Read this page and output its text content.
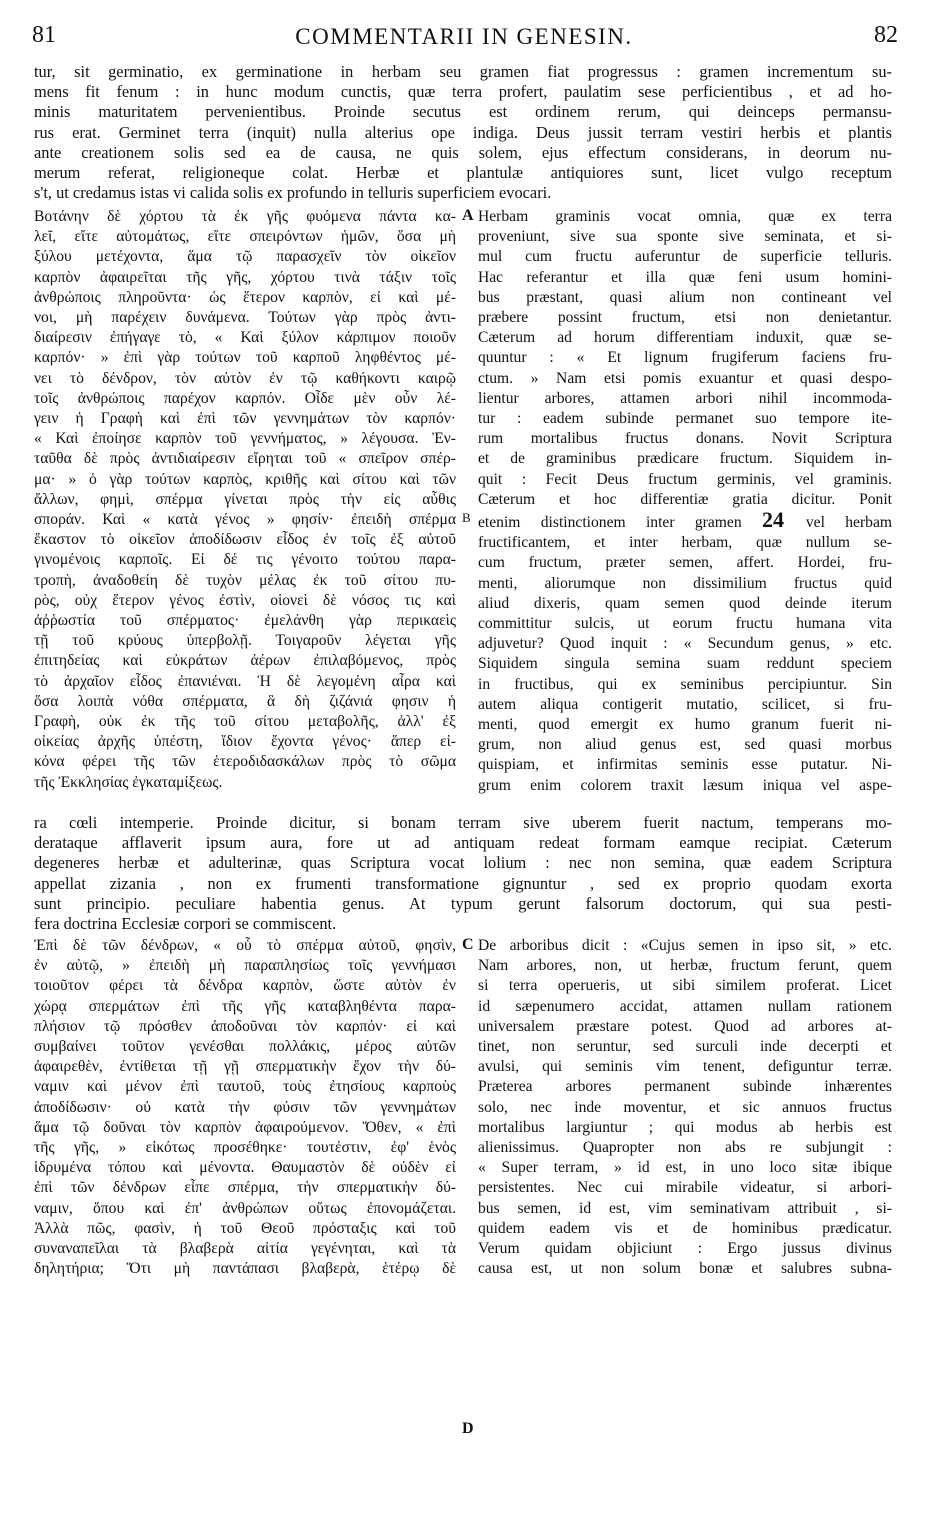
81	COMMENTARII IN GENESIN.	82

tur, sit germinatio, ex germinatione in herbam seu gramen fiat progressus : gramen incrementum su-

mens fit fenum : in hunc modum cunctis, quæ terra profert, paulatim sese perficientibus , et ad ho-

minis maturitatem pervenientibus. Proinde secutus est ordinem rerum, qui deinceps permansu-

rus erat. Germinet terra (inquit) nulla alterius ope indiga. Deus jussit terram vestiri herbis et plantis

ante creationem solis sed ea de causa, ne quis solem, ejus effectum considerans, in deorum nu-

merum referat, religioneque colat. Herbæ et plantulæ antiquiores sunt, licet vulgo receptum

s't, ut credamus istas vi calida solis ex profundo in telluris superficiem evocari.

Βοτάνην δὲ χόρτου τὰ ἐκ γῆς φυόμενα πάντα κα-

λεῖ, εἴτε αὐτομάτως, εἴτε σπειρόντων ἡμῶν, ὅσα μὴ

ξύλου μετέχοντα, ἅμα τῷ παρασχεῖν τὸν οἰκεῖον

καρπὸν ἀφαιρεῖται τῆς γῆς, χόρτου τινὰ τάξιν τοῖς

ἀνθρώποις πληροῦντα· ὡς ἕτερον καρπὸν, εἰ καὶ μέ-

νοι, μὴ παρέχειν δυνάμενα. Τούτων γὰρ πρὸς ἀντι-

διαίρεσιν ἐπήγαγε τὸ, « Καὶ ξύλον κάρπιμον ποιοῦν

καρπόν· » ἐπὶ γὰρ τούτων τοῦ καρποῦ ληφθέντος μέ-

νει τὸ δένδρον, τὸν αὐτὸν ἐν τῷ καθήκοντι καιρῷ

τοῖς ἀνθρώποις παρέχον καρπόν. Οἶδε μὲν οὖν λέ-

γειν ἡ Γραφὴ καὶ ἐπὶ τῶν γεννημάτων τὸν καρπόν·

« Καὶ ἐποίησε καρπὸν τοῦ γεννήματος, » λέγουσα. Ἐν-

ταῦθα δὲ πρὸς ἀντιδιαίρεσιν εἴρηται τοῦ « σπεῖρον σπέρ-

μα· » ὁ γὰρ τούτων καρπὸς, κριθῆς καὶ σίτου καὶ τῶν

ἄλλων, φημὶ, σπέρμα γίνεται πρὸς τὴν εἰς αὖθις

σποράν. Καὶ « κατὰ γένος » φησίν· ἐπειδὴ σπέρμα

ἕκαστον τὸ οἰκεῖον ἀποδίδωσιν εἶδος ἐν τοῖς ἐξ αὐτοῦ

γινομένοις καρποῖς. Εἰ δέ τις γένοιτο τούτου παρα-

τροπὴ, ἀναδοθείη δὲ τυχὸν μέλας ἐκ τοῦ σίτου πυ-

ρὸς, οὐχ ἕτερον γένος ἐστὶν, οἱονεὶ δὲ νόσος τις καὶ

ἀῤῥωστία τοῦ σπέρματος· ἐμελάνθη γὰρ περικαεὶς

τῇ τοῦ κρύους ὑπερβολῇ. Τοιγαροῦν λέγεται γῆς

ἐπιτηδείας καὶ εὐκράτων ἀέρων ἐπιλαβόμενος, πρὸς

τὸ ἀρχαῖον εἶδος ἐπανιέναι. Ἡ δὲ λεγομένη αἶρα καὶ

ὅσα λοιπὰ νόθα σπέρματα, ἃ δὴ ζιζάνιά φησιν ἡ

Γραφὴ, οὐκ ἐκ τῆς τοῦ σίτου μεταβολῆς, ἀλλ' ἐξ

οἰκείας ἀρχῆς ὑπέστη, ἴδιον ἔχοντα γένος· ἅπερ εἰ-

κόνα φέρει τῆς τῶν ἑτεροδιδασκάλων πρὸς τὸ σῶμα

τῆς Ἐκκλησίας ἐγκαταμίξεως.

Herbam graminis vocat omnia, quæ ex terra

proveniunt, sive sua sponte sive seminata, et si-

mul cum fructu auferuntur de superficie telluris.

Hac referantur et illa quæ feni usum homini-

bus præstant, quasi alium non contineant vel

præbere possint fructum, etsi non denietantur.

Cæterum ad horum differentiam induxit, quæ se-

quuntur : « Et lignum frugiferum faciens fru-

ctum. » Nam etsi pomis exuantur et quasi despo-

lientur arbores, attamen arbori nihil incommoda-

tur : eadem subinde permanet suo tempore ite-

rum mortalibus fructus donans. Novit Scriptura

et de graminibus prædicare fructum. Siquidem in-

quit : Fecit Deus fructum germinis, vel graminis.

Cæterum et hoc differentiæ gratia dicitur. Ponit

etenim distinctionem inter gramen 24 vel herbam

fructificantem, et inter herbam, quæ nullum se-

cum fructum, præter semen, affert. Hordei, fru-

menti, aliorumque non dissimilium fructus quid

aliud dixeris, quam semen quod deinde iterum

committitur sulcis, ut eorum fructu humana vita

adjuvetur? Quod inquit : « Secundum genus, » etc.

Siquidem singula semina suam reddunt speciem

in fructibus, qui ex seminibus percipiuntur. Sin

autem aliqua contigerit mutatio, scilicet, si fru-

menti, quod emergit ex humo granum fuerit ni-

grum, non aliud genus est, sed quasi morbus

quispiam, et infirmitas seminis esse putatur. Ni-

grum enim colorem traxit læsum iniqua vel aspe-

A
B

ra cœli intemperie. Proinde dicitur, si bonam terram sive uberem fuerit nactum, temperans mo-

derataque afflaverit ipsum aura, fore ut ad antiquam redeat formam eamque recipiat. Cæterum

degeneres herbæ et adulterinæ, quas Scriptura vocat lolium : nec non semina, quæ eadem Scriptura

appellat zizania , non ex frumenti transformatione gignuntur , sed ex proprio quodam exorta

sunt principio. peculiare habentia genus. At typum gerunt falsorum doctorum, qui sua pesti-

fera doctrina Ecclesiæ corpori se commiscent.

Ἐπὶ δὲ τῶν δένδρων, « οὗ τὸ σπέρμα αὐτοῦ, φησὶν,

ἐν αὐτῷ, » ἐπειδὴ μὴ παραπλησίως τοῖς γεννήμασι

τοιοῦτον φέρει τὰ δένδρα καρπὸν, ὥστε αὐτὸν ἐν

χώρᾳ σπερμάτων ἐπὶ τῆς γῆς καταβληθέντα παρα-

πλήσιον τῷ πρόσθεν ἀποδοῦναι τὸν καρπόν· εἰ καὶ

συμβαίνει τοῦτον γενέσθαι πολλάκις, μέρος αὐτῶν

ἀφαιρεθὲν, ἐντίθεται τῇ γῇ σπερματικὴν ἔχον τὴν δύ-

ναμιν καὶ μένον ἐπὶ ταυτοῦ, τοὺς ἐτησίους καρποὺς

ἀποδίδωσιν· οὐ κατὰ τὴν φύσιν τῶν γεννημάτων

ἅμα τῷ δοῦναι τὸν καρπὸν ἀφαιρούμενον. Ὅθεν, « ἐπὶ

τῆς γῆς, » εἰκότως προσέθηκε· τουτέστιν, ἐφ' ἑνὸς

ἱδρυμένα τόπου καὶ μένοντα. Θαυμαστὸν δὲ οὐδὲν εἰ

ἐπὶ τῶν δένδρων εἶπε σπέρμα, τὴν σπερματικὴν δύ-

ναμιν, ὅπου καὶ ἐπ' ἀνθρώπων οὕτως ἐπονομάζεται.

Ἀλλὰ πῶς, φασὶν, ἡ τοῦ Θεοῦ πρόσταξις καὶ τοῦ

συναναπεῖλαι τὰ βλαβερὰ αἰτία γεγένηται, καὶ τὰ

δηλητήρια; Ὅτι μὴ παντάπασι βλαβερὰ, ἑτέρῳ δὲ

De arboribus dicit : «Cujus semen in ipso sit, » etc.

Nam arbores, non, ut herbæ, fructum ferunt, quem

si terra operueris, ut sibi similem proferat. Licet

id sæpenumero accidat, attamen nullam rationem

universalem præstare potest. Quod ad arbores at-

tinet, non seruntur, sed surculi inde decerpti et

avulsi, qui seminis vim tenent, defiguntur terræ.

Præterea arbores permanent subinde inhærentes

solo, nec inde moventur, et sic annuos fructus

mortalibus largiuntur ; qui modus ab herbis est

alienissimus. Quapropter non abs re subjungit :

« Super terram, » id est, in uno loco sitæ ibique

persistentes. Nec cui mirabile videatur, si arbori-

bus semen, id est, vim seminativam attribuit , si-

quidem eadem vis et de hominibus prædicatur.

Verum quidam objiciunt : Ergo jussus divinus

causa est, ut non solum bonæ et salubres subna-

C
D
